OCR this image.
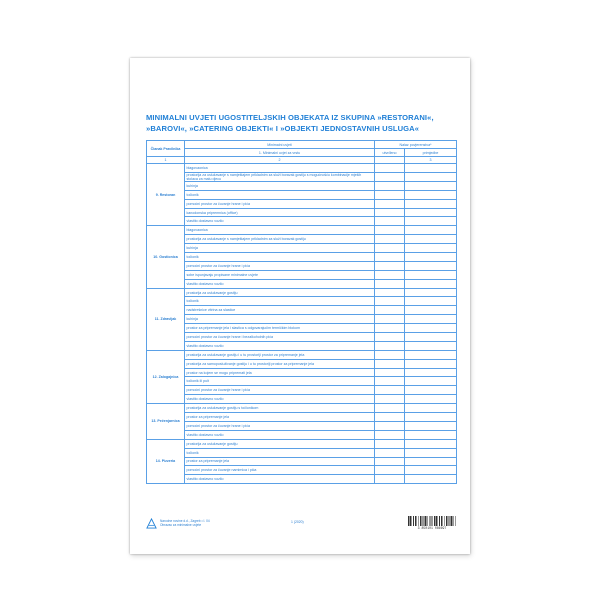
MINIMALNI UVJETI UGOSTITELJSKIH OBJEKATA IZ SKUPINA »RESTORANI«,
»BAROVI«, »CATERING OBJEKTI« I »OBJEKTI JEDNOSTAVNIH USLUGA«
Članak Pravilnika	Minimalni uvjeti	Nalaz povjerenstva*	
	1. Minimalni uvjet za vrstu	utvrđeno	primjedbe
1	2		3
9. Restoran	blagovaonica		
	prostorija za uslužavanje s namještajem prikladnim za služi boravak gostiju s mogućnošću kombinacije mješih stolaca za malu djecu		
	kuhinja		
	točionik		
	pomoćni prostor za čuvanje hrane i pića		
	kanodonska pripremnica (office)		
	vlastito dostavno vozilo		
10. Gostionica	blagovaonica		
	prostorija za uslužavanje s namještajem prikladnim za služi boravak gostiju		
	kuhinja		
	točionik		
	pomoćni prostor za čuvanje hrane i pića		
	sobe ispunjavaju propisane minimalne uvjete		
	vlastito dostavno vozilo		
11. Zdravljak	prostorija za uslužavanje gostiju		
	točionik		
	nadstrešnice vitrina za slastice		
	kuhinja		
	prostor za pripremanje jela i slastica s odgovarajućim termičkim blokom		
	pomoćni prostor za čuvanje hrane i bezalkoholnih pića		
	vlastito dostavno vozilo		
12. Zalogajnica	prostorija za uslužavanje gostiju i u tu prostoriji prostor za pripremanje jela		
	prostorija za samoposluživanje gostiju i u tu prostoriji prostor za pripremanje jela		
	prostor na kojem se mogu pripremati jela		
	točionik ili pult		
	pomoćni prostor za čuvanje hrane i pića		
	vlastito dostavno vozilo		
13. Pečenjarnica	prostorija za uslužavanje gostiju s točionikom		
	prostor za pripremanje jela		
	pomoćni prostor za čuvanje hrane i pića		
	vlastito dostavno vozilo		
14. Pizzeria	prostorija za uslužavanje gostiju		
	točionik		
	prostor za pripremanje jela		
	pomoćni prostor za čuvanje namirnica i pića		
	vlastito dostavno vozilo		
Narodne novine d.d., Zagreb • I. 04
Obrazac za minimalne uvjete
1 (2020)
3 850101 086697
